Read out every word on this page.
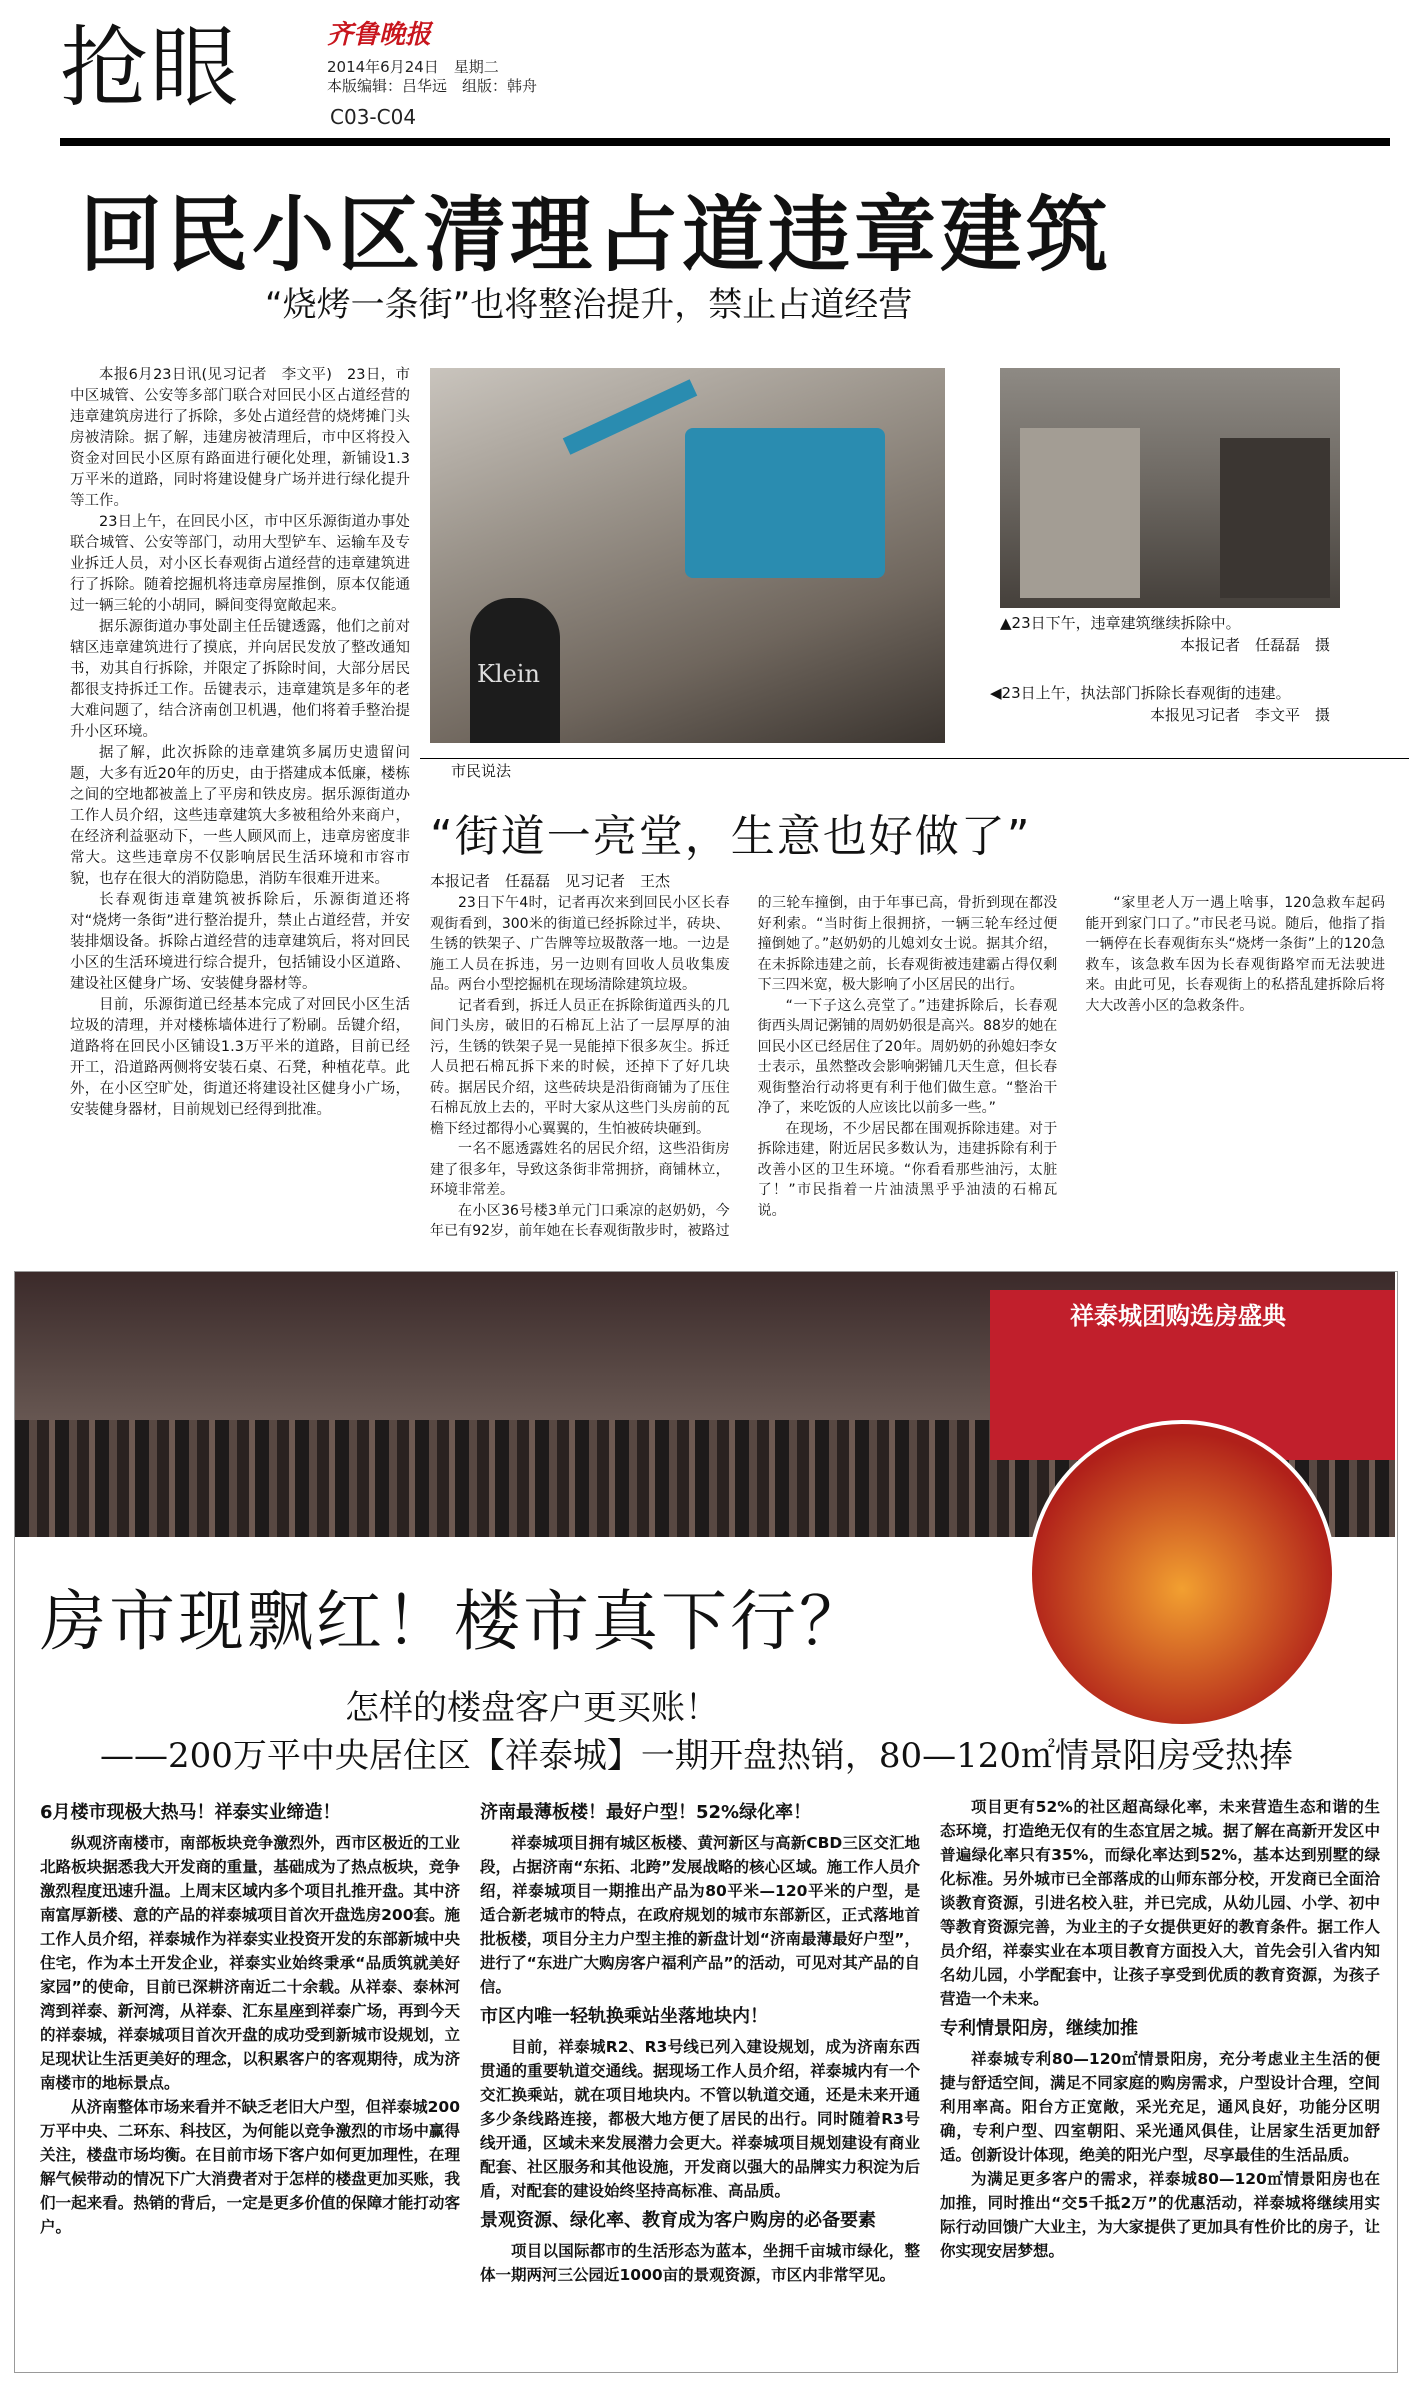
抢眼	齐鲁晚报
2014年6月24日　星期二
本版编辑：吕华远　组版：韩舟
C03-C04
回民小区清理占道违章建筑
“烧烤一条街”也将整治提升，禁止占道经营

本报6月23日讯(见习记者　李文平)　23日，市中区城管、公安等多部门联合对回民小区占道经营的违章建筑房进行了拆除，多处占道经营的烧烤摊门头房被清除。据了解，违建房被清理后，市中区将投入资金对回民小区原有路面进行硬化处理，新铺设1.3万平米的道路，同时将建设健身广场并进行绿化提升等工作。

23日上午，在回民小区，市中区乐源街道办事处联合城管、公安等部门，动用大型铲车、运输车及专业拆迁人员，对小区长春观街占道经营的违章建筑进行了拆除。随着挖掘机将违章房屋推倒，原本仅能通过一辆三轮的小胡同，瞬间变得宽敞起来。

据乐源街道办事处副主任岳键透露，他们之前对辖区违章建筑进行了摸底，并向居民发放了整改通知书，劝其自行拆除，并限定了拆除时间，大部分居民都很支持拆迁工作。岳键表示，违章建筑是多年的老大难问题了，结合济南创卫机遇，他们将着手整治提升小区环境。

据了解，此次拆除的违章建筑多属历史遗留问题，大多有近20年的历史，由于搭建成本低廉，楼栋之间的空地都被盖上了平房和铁皮房。据乐源街道办工作人员介绍，这些违章建筑大多被租给外来商户，在经济利益驱动下，一些人顾风而上，违章房密度非常大。这些违章房不仅影响居民生活环境和市容市貌，也存在很大的消防隐患，消防车很难开进来。

长春观街违章建筑被拆除后，乐源街道还将对“烧烤一条街”进行整治提升，禁止占道经营，并安装排烟设备。拆除占道经营的违章建筑后，将对回民小区的生活环境进行综合提升，包括铺设小区道路、建设社区健身广场、安装健身器材等。

目前，乐源街道已经基本完成了对回民小区生活垃圾的清理，并对楼栋墙体进行了粉刷。岳键介绍，道路将在回民小区铺设1.3万平米的道路，目前已经开工，沿道路两侧将安装石桌、石凳，种植花草。此外，在小区空旷处，街道还将建设社区健身小广场，安装健身器材，目前规划已经得到批准。

Klein
▲23日下午，违章建筑继续拆除中。
本报记者　任磊磊　摄
◀23日上午，执法部门拆除长春观街的违建。
本报见习记者　李文平　摄
市民说法
“街道一亮堂，生意也好做了”
本报记者　任磊磊　见习记者　王杰

23日下午4时，记者再次来到回民小区长春观街看到，300米的街道已经拆除过半，砖块、生锈的铁架子、广告牌等垃圾散落一地。一边是施工人员在拆违，另一边则有回收人员收集废品。两台小型挖掘机在现场清除建筑垃圾。

记者看到，拆迁人员正在拆除街道西头的几间门头房，破旧的石棉瓦上沾了一层厚厚的油污，生锈的铁架子晃一晃能掉下很多灰尘。拆迁人员把石棉瓦拆下来的时候，还掉下了好几块砖。据居民介绍，这些砖块是沿街商铺为了压住石棉瓦放上去的，平时大家从这些门头房前的瓦檐下经过都得小心翼翼的，生怕被砖块砸到。

一名不愿透露姓名的居民介绍，这些沿街房建了很多年，导致这条街非常拥挤，商铺林立，环境非常差。

在小区36号楼3单元门口乘凉的赵奶奶，今年已有92岁，前年她在长春观街散步时，被路过的三轮车撞倒，由于年事已高，骨折到现在都没好利索。“当时街上很拥挤，一辆三轮车经过便撞倒她了。”赵奶奶的儿媳刘女士说。据其介绍，在未拆除违建之前，长春观街被违建霸占得仅剩下三四米宽，极大影响了小区居民的出行。

“一下子这么亮堂了。”违建拆除后，长春观街西头周记粥铺的周奶奶很是高兴。88岁的她在回民小区已经居住了20年。周奶奶的孙媳妇李女士表示，虽然整改会影响粥铺几天生意，但长春观街整治行动将更有利于他们做生意。“整治干净了，来吃饭的人应该比以前多一些。”

在现场，不少居民都在围观拆除违建。对于拆除违建，附近居民多数认为，违建拆除有利于改善小区的卫生环境。“你看看那些油污，太脏了！”市民指着一片油渍黑乎乎油渍的石棉瓦说。

“家里老人万一遇上啥事，120急救车起码能开到家门口了。”市民老马说。随后，他指了指一辆停在长春观街东头“烧烤一条街”上的120急救车，该急救车因为长春观街路窄而无法驶进来。由此可见，长春观街上的私搭乱建拆除后将大大改善小区的急救条件。

祥泰城团购选房盛典
房市现飘红！楼市真下行？
怎样的楼盘客户更买账！
——200万平中央居住区【祥泰城】一期开盘热销，80—120㎡情景阳房受热捧
6月楼市现极大热马！祥泰实业缔造！

纵观济南楼市，南部板块竞争激烈外，西市区极近的工业北路板块据悉我大开发商的重量，基础成为了热点板块，竞争激烈程度迅速升温。上周末区域内多个项目扎推开盘。其中济南富厚新楼、意的产品的祥泰城项目首次开盘选房200套。施工作人员介绍，祥泰城作为祥泰实业投资开发的东部新城中央住宅，作为本土开发企业，祥泰实业始终秉承“品质筑就美好家园”的使命，目前已深耕济南近二十余载。从祥泰、泰林河湾到祥泰、新河湾，从祥泰、汇东星座到祥泰广场，再到今天的祥泰城，祥泰城项目首次开盘的成功受到新城市设规划，立足现状让生活更美好的理念，以积累客户的客观期待，成为济南楼市的地标景点。

从济南整体市场来看并不缺乏老旧大户型，但祥泰城200万平中央、二环东、科技区，为何能以竞争激烈的市场中赢得关注，楼盘市场均衡。在目前市场下客户如何更加理性，在理解气候带动的情况下广大消费者对于怎样的楼盘更加买账，我们一起来看。热销的背后，一定是更多价值的保障才能打动客户。

济南最薄板楼！最好户型！52%绿化率！

祥泰城项目拥有城区板楼、黄河新区与高新CBD三区交汇地段，占据济南“东拓、北跨”发展战略的核心区域。施工作人员介绍，祥泰城项目一期推出产品为80平米—120平米的户型，是适合新老城市的特点，在政府规划的城市东部新区，正式落地首批板楼，项目分主力户型主推的新盘计划“济南最薄最好户型”，进行了“东进广大购房客户福利产品”的活动，可见对其产品的自信。

市区内唯一轻轨换乘站坐落地块内！

目前，祥泰城R2、R3号线已列入建设规划，成为济南东西贯通的重要轨道交通线。据现场工作人员介绍，祥泰城内有一个交汇换乘站，就在项目地块内。不管以轨道交通，还是未来开通多少条线路连接，都极大地方便了居民的出行。同时随着R3号线开通，区域未来发展潜力会更大。祥泰城项目规划建设有商业配套、社区服务和其他设施，开发商以强大的品牌实力积淀为后盾，对配套的建设始终坚持高标准、高品质。

景观资源、绿化率、教育成为客户购房的必备要素

项目以国际都市的生活形态为蓝本，坐拥千亩城市绿化，整体一期两河三公园近1000亩的景观资源，市区内非常罕见。

项目更有52%的社区超高绿化率，未来营造生态和谐的生态环境，打造绝无仅有的生态宜居之城。据了解在高新开发区中普遍绿化率只有35%，而绿化率达到52%，基本达到别墅的绿化标准。另外城市已全部落成的山师东部分校，开发商已全面洽谈教育资源，引进名校入驻，并已完成，从幼儿园、小学、初中等教育资源完善，为业主的子女提供更好的教育条件。据工作人员介绍，祥泰实业在本项目教育方面投入大，首先会引入省内知名幼儿园，小学配套中，让孩子享受到优质的教育资源，为孩子营造一个未来。

专利情景阳房，继续加推

祥泰城专利80—120㎡情景阳房，充分考虑业主生活的便捷与舒适空间，满足不同家庭的购房需求，户型设计合理，空间利用率高。阳台方正宽敞，采光充足，通风良好，功能分区明确，专利户型、四室朝阳、采光通风俱佳，让居家生活更加舒适。创新设计体现，绝美的阳光户型，尽享最佳的生活品质。

为满足更多客户的需求，祥泰城80—120㎡情景阳房也在加推，同时推出“交5千抵2万”的优惠活动，祥泰城将继续用实际行动回馈广大业主，为大家提供了更加具有性价比的房子，让你实现安居梦想。
